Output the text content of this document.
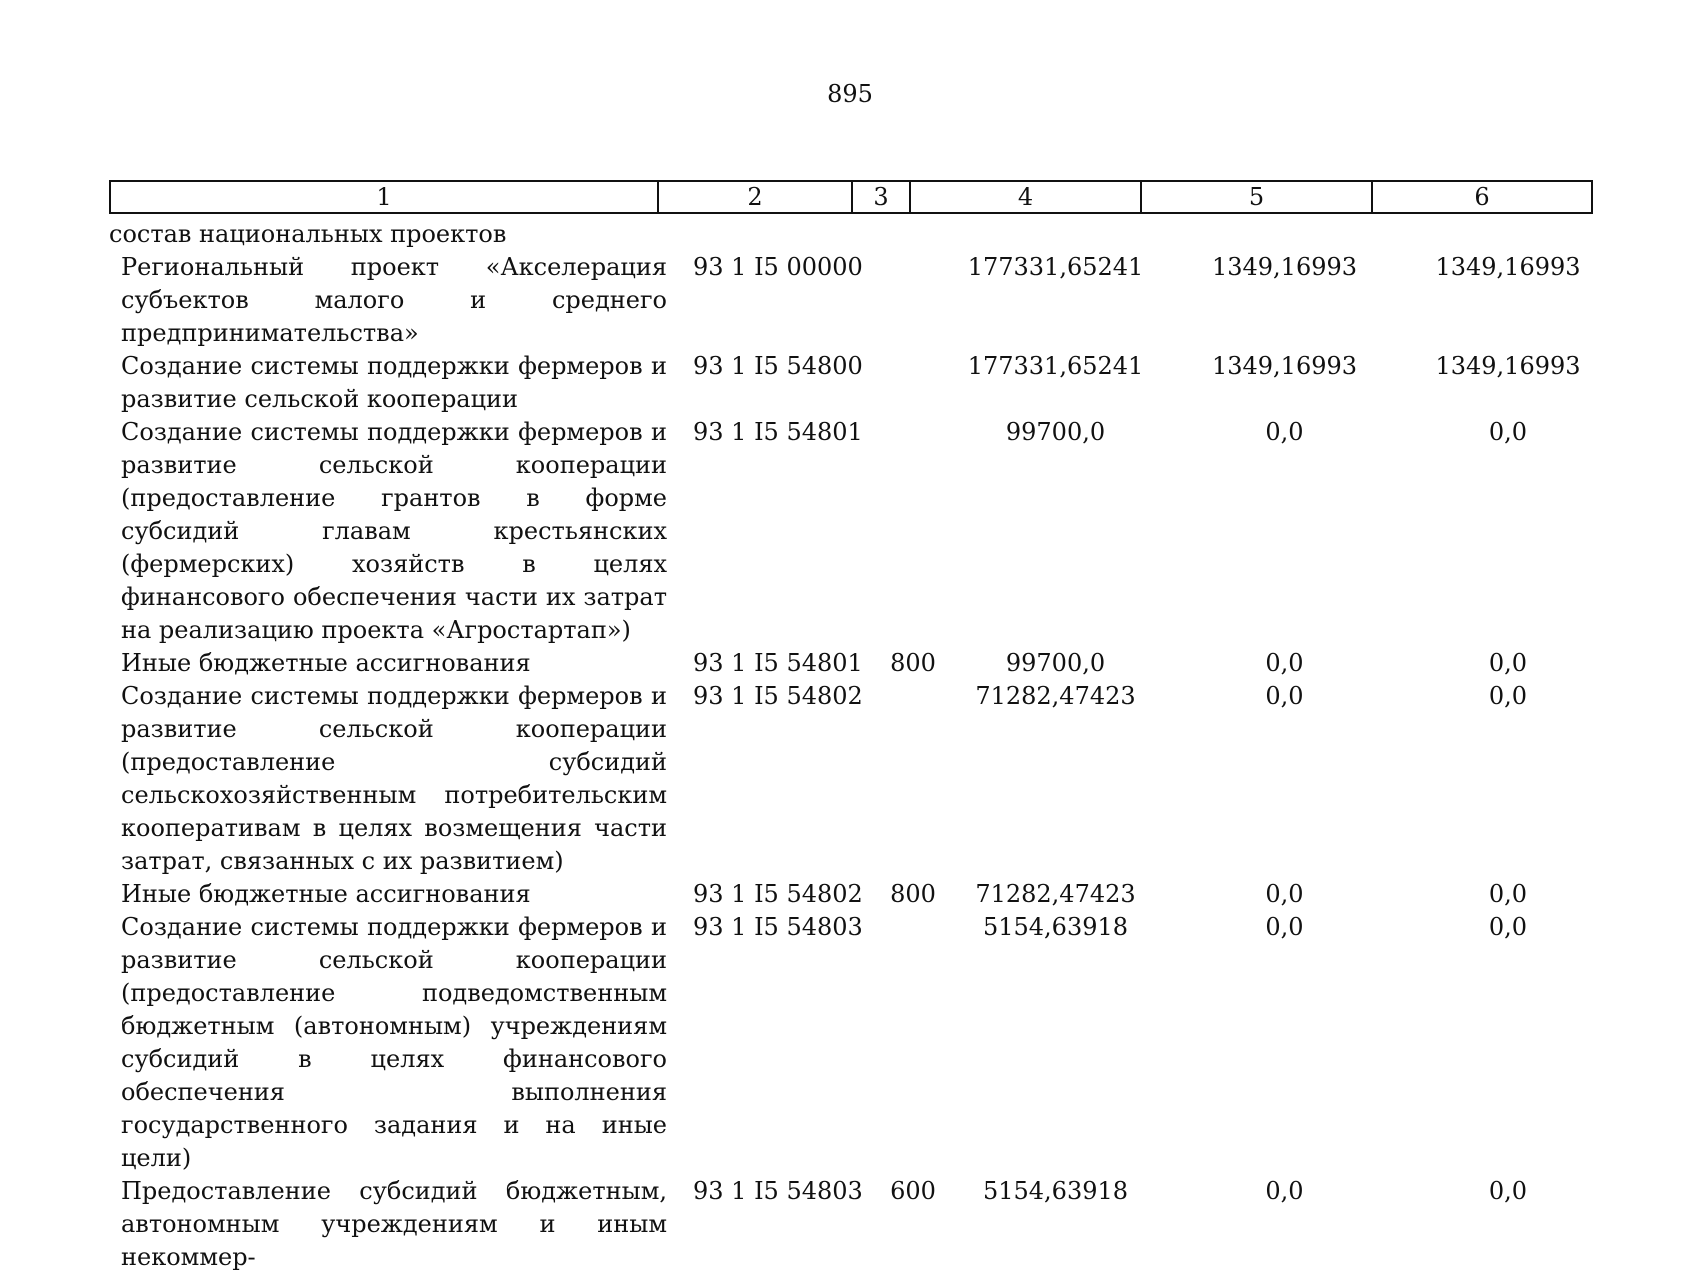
895
1	2	3	4	5	6
состав национальных проектов					

Региональный проект «Акселерация субъектов малого и среднего предпринимательства»	93 1 I5 00000		177331,65241	1349,16993	1349,16993

Создание системы поддержки фермеров и развитие сельской кооперации	93 1 I5 54800		177331,65241	1349,16993	1349,16993

Создание системы поддержки фермеров и развитие сельской кооперации (предоставление грантов в форме субсидий главам крестьянских (фермерских) хозяйств в целях финансового обеспечения части их затрат на реализацию проекта «Агростартап»)	93 1 I5 54801		99700,0	0,0	0,0

Иные бюджетные ассигнования	93 1 I5 54801	800	99700,0	0,0	0,0

Создание системы поддержки фермеров и развитие сельской кооперации (предоставление субсидий сельскохозяйственным потребительским кооперативам в целях возмещения части затрат, связанных с их развитием)	93 1 I5 54802		71282,47423	0,0	0,0

Иные бюджетные ассигнования	93 1 I5 54802	800	71282,47423	0,0	0,0

Создание системы поддержки фермеров и развитие сельской кооперации (предоставление подведомственным бюджетным (автономным) учреждениям субсидий в целях финансового обеспечения выполнения государственного задания и на иные цели)	93 1 I5 54803		5154,63918	0,0	0,0

Предоставление субсидий бюджетным, автономным учреждениям и иным некоммер-	93 1 I5 54803	600	5154,63918	0,0	0,0
